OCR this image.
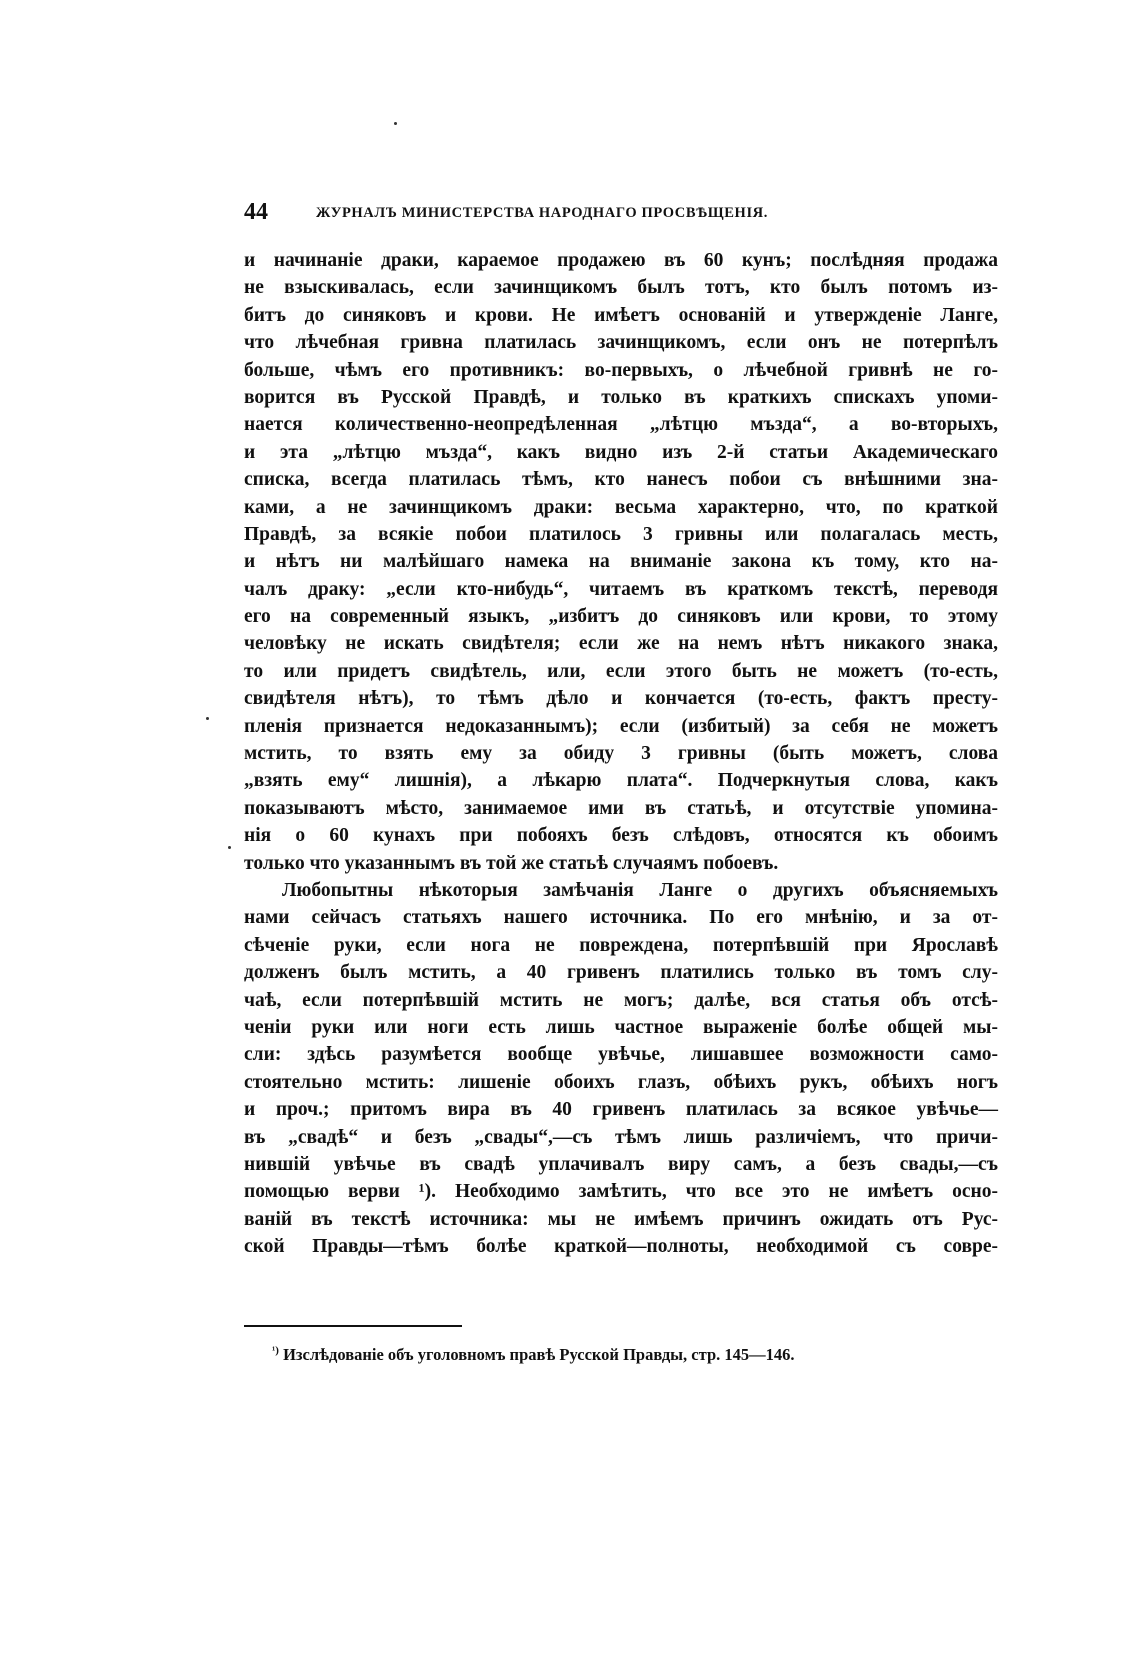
44	ЖУРНАЛЪ МИНИСТЕРСТВА НАРОДНАГО ПРОСВѢЩЕНІЯ.
и начинаніе драки, караемое продажею въ 60 кунъ; послѣдняя продажа
не взыскивалась, если зачинщикомъ былъ тотъ, кто былъ потомъ из-
битъ до синяковъ и крови. Не имѣетъ основаній и утвержденіе Ланге,
что лѣчебная гривна платилась зачинщикомъ, если онъ не потерпѣлъ
больше, чѣмъ его противникъ: во-первыхъ, о лѣчебной гривнѣ не го-
ворится въ Русской Правдѣ, и только въ краткихъ спискахъ упоми-
нается количественно-неопредѣленная „лѣтцю мъзда“, а во-вторыхъ,
и эта „лѣтцю мъзда“, какъ видно изъ 2-й статьи Академическаго
списка, всегда платилась тѣмъ, кто нанесъ побои съ внѣшними зна-
ками, а не зачинщикомъ драки: весьма характерно, что, по краткой
Правдѣ, за всякіе побои платилось 3 гривны или полагалась месть,
и нѣтъ ни малѣйшаго намека на вниманіе закона къ тому, кто на-
чалъ драку: „если кто-нибудь“, читаемъ въ краткомъ текстѣ, переводя
его на современный языкъ, „избитъ до синяковъ или крови, то этому
человѣку не искать свидѣтеля; если же на немъ нѣтъ никакого знака,
то или придетъ свидѣтель, или, если этого быть не можетъ (то-есть,
свидѣтеля нѣтъ), то тѣмъ дѣло и кончается (то-есть, фактъ престу-
пленія признается недоказаннымъ); если (избитый) за себя не можетъ
мстить, то взять ему за обиду 3 гривны (быть можетъ, слова
„взять ему“ лишнія), а лѣкарю плата“. Подчеркнутыя слова, какъ
показываютъ мѣсто, занимаемое ими въ статьѣ, и отсутствіе упомина-
нія о 60 кунахъ при побояхъ безъ слѣдовъ, относятся къ обоимъ
только что указаннымъ въ той же статьѣ случаямъ побоевъ.
Любопытны нѣкоторыя замѣчанія Ланге о другихъ объясняемыхъ
нами сейчасъ статьяхъ нашего источника. По его мнѣнію, и за от-
сѣченіе руки, если нога не повреждена, потерпѣвшій при Ярославѣ
долженъ былъ мстить, а 40 гривенъ платились только въ томъ слу-
чаѣ, если потерпѣвшій мстить не могъ; далѣе, вся статья объ отсѣ-
ченіи руки или ноги есть лишь частное выраженіе болѣе общей мы-
сли: здѣсь разумѣется вообще увѣчье, лишавшее возможности само-
стоятельно мстить: лишеніе обоихъ глазъ, обѣихъ рукъ, обѣихъ ногъ
и проч.; притомъ вира въ 40 гривенъ платилась за всякое увѣчье—
въ „свадѣ“ и безъ „свады“,—съ тѣмъ лишь различіемъ, что причи-
нившій увѣчье въ свадѣ уплачивалъ виру самъ, а безъ свады,—съ
помощью верви ¹). Необходимо замѣтить, что все это не имѣетъ осно-
ваній въ текстѣ источника: мы не имѣемъ причинъ ожидать отъ Рус-
ской Правды—тѣмъ болѣе краткой—полноты, необходимой съ совре-
$^{^1)}$ Изслѣдованіе объ уголовномъ правѣ Русской Правды, стр. 145—146.
